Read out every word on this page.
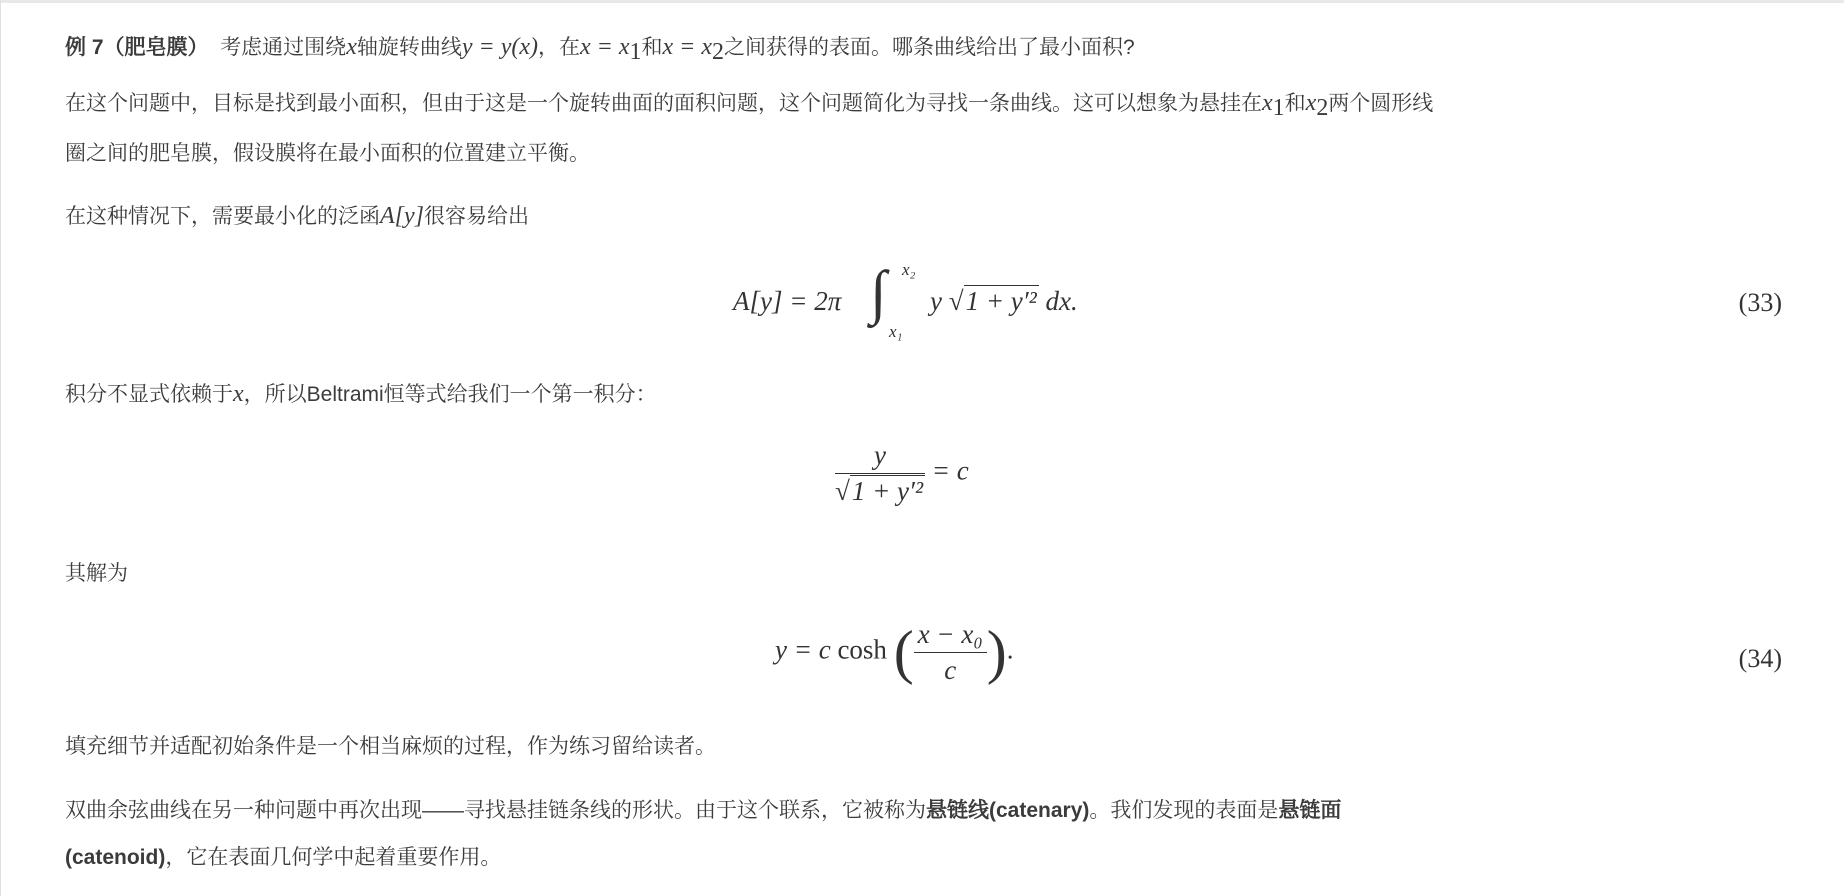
例 7（肥皂膜） 考虑通过围绕x轴旋转曲线y = y(x)，在$x = x_1$和$x = x_2$之间获得的表面。哪条曲线给出了最小面积?
在这个问题中，目标是找到最小面积，但由于这是一个旋转曲面的面积问题，这个问题简化为寻找一条曲线。这可以想象为悬挂在$x_1$和$x_2$两个圆形线
圈之间的肥皂膜，假设膜将在最小面积的位置建立平衡。
在这种情况下，需要最小化的泛函A[y]很容易给出
A[y] = 2π ∫ x₂
x₁
y √1 + y′² dx.	(33)
积分不显式依赖于x，所以Beltrami恒等式给我们一个第一积分：
$\frac{y}{\text{√1 + y′²}} = c$
其解为
y = c cosh ( $\frac{\text{x − x₀}}{c}$ ).	(34)
填充细节并适配初始条件是一个相当麻烦的过程，作为练习留给读者。
双曲余弦曲线在另一种问题中再次出现——寻找悬挂链条线的形状。由于这个联系，它被称为悬链线(catenary)。我们发现的表面是悬链面
(catenoid)，它在表面几何学中起着重要作用。
